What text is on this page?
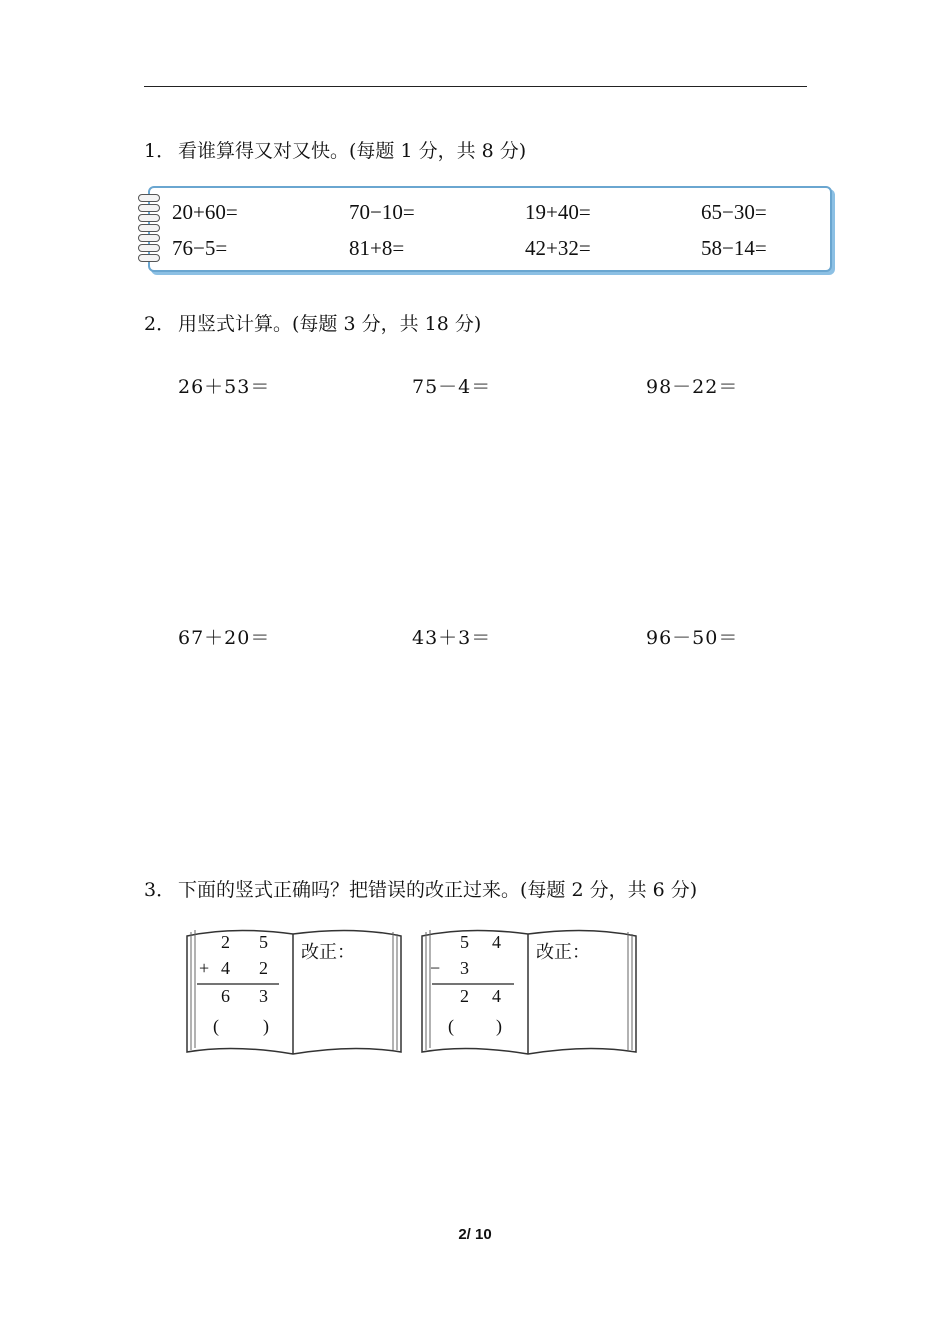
1． 看谁算得又对又快。(每题 1 分，共 8 分)
20+60=	70−10=	19+40=	65−30=
76−5=	81+8=	42+32=	58−14=
2． 用竖式计算。(每题 3 分，共 18 分)
26＋53＝	75－4＝	98－22＝
67＋20＝	43＋3＝	96－50＝
3． 下面的竖式正确吗？把错误的改正过来。(每题 2 分，共 6 分)
2 5
+ 4 2
6 3
( )
改正：	5 4
− 3
2 4
( )
改正：
2/ 10
